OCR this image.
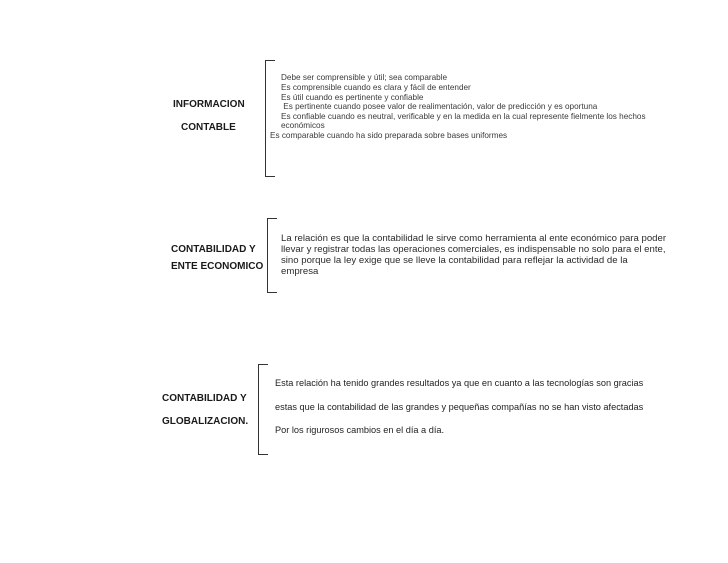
INFORMACION
CONTABLE
Debe ser comprensible y útil; sea comparable
Es comprensible cuando es clara y fácil de entender
Es útil cuando es pertinente y confiable
Es pertinente cuando posee valor de realimentación, valor de predicción y es oportuna
Es confiable cuando es neutral, verificable y en la medida en la cual represente fielmente los hechos
económicos
Es comparable cuando ha sido preparada sobre bases uniformes
CONTABILIDAD Y
ENTE ECONOMICO
La relación es que la contabilidad le sirve como herramienta al ente económico para poder
llevar y registrar todas las operaciones comerciales, es indispensable no solo para el ente,
sino porque la ley exige que se lleve la contabilidad para reflejar la actividad de la
empresa
CONTABILIDAD Y
GLOBALIZACION.
Esta relación ha tenido grandes resultados ya que en cuanto a las tecnologías son gracias
estas que la contabilidad de las grandes y pequeñas compañías no se han visto afectadas
Por los rigurosos cambios en el día a día.
